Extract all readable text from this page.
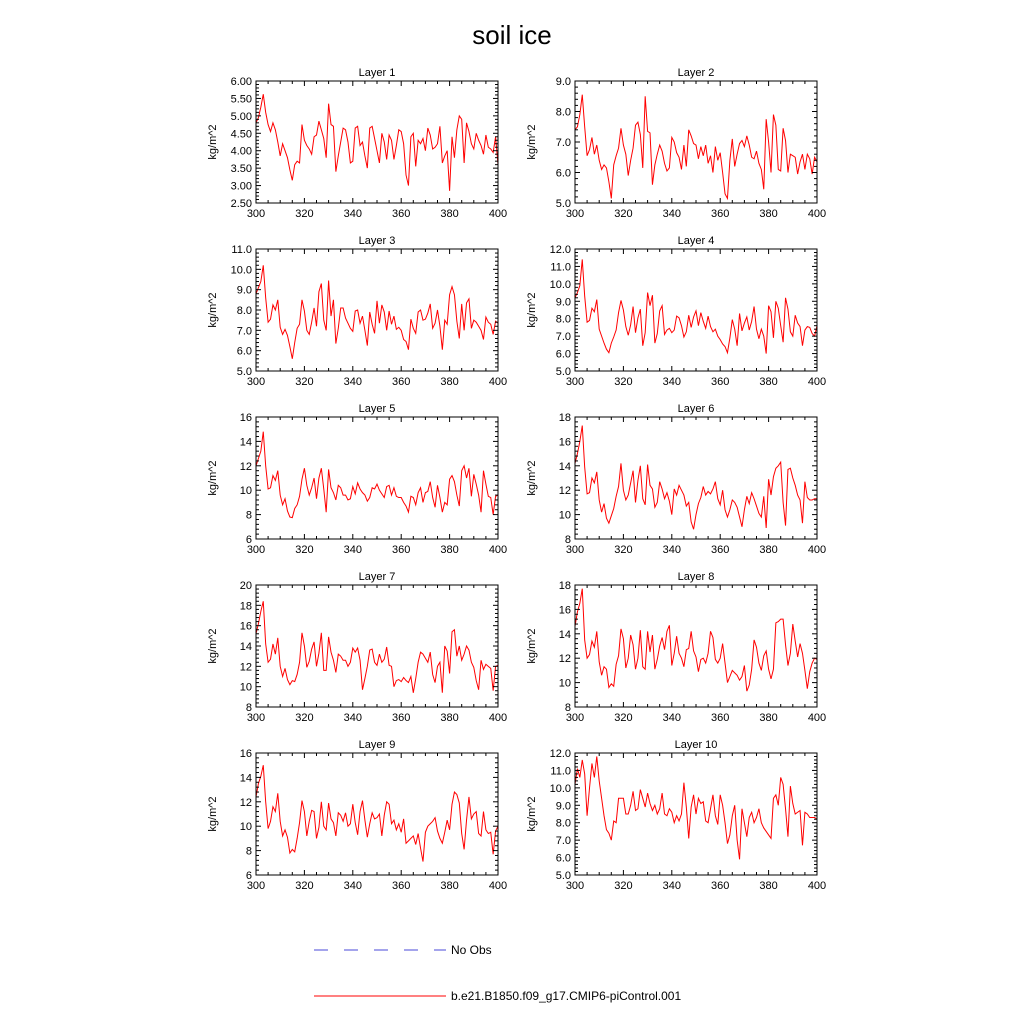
soil ice
Layer 1
300	320	340	360	380	400
2.50
3.00
3.50
4.00
4.50
5.00
5.50
6.00
kg/m^2
Layer 2
300	320	340	360	380	400
5.0
6.0
7.0
8.0
9.0
kg/m^2
Layer 3
300	320	340	360	380	400
5.0
6.0
7.0
8.0
9.0
10.0
11.0
kg/m^2
Layer 4
300	320	340	360	380	400
5.0
6.0
7.0
8.0
9.0
10.0
11.0
12.0
kg/m^2
Layer 5
300	320	340	360	380	400
6
8
10
12
14
16
kg/m^2
Layer 6
300	320	340	360	380	400
8
10
12
14
16
18
kg/m^2
Layer 7
300	320	340	360	380	400
8
10
12
14
16
18
20
kg/m^2
Layer 8
300	320	340	360	380	400
8
10
12
14
16
18
kg/m^2
Layer 9
300	320	340	360	380	400
6
8
10
12
14
16
kg/m^2
Layer 10
300	320	340	360	380	400
5.0
6.0
7.0
8.0
9.0
10.0
11.0
12.0
kg/m^2
No Obs
b.e21.B1850.f09_g17.CMIP6-piControl.001
